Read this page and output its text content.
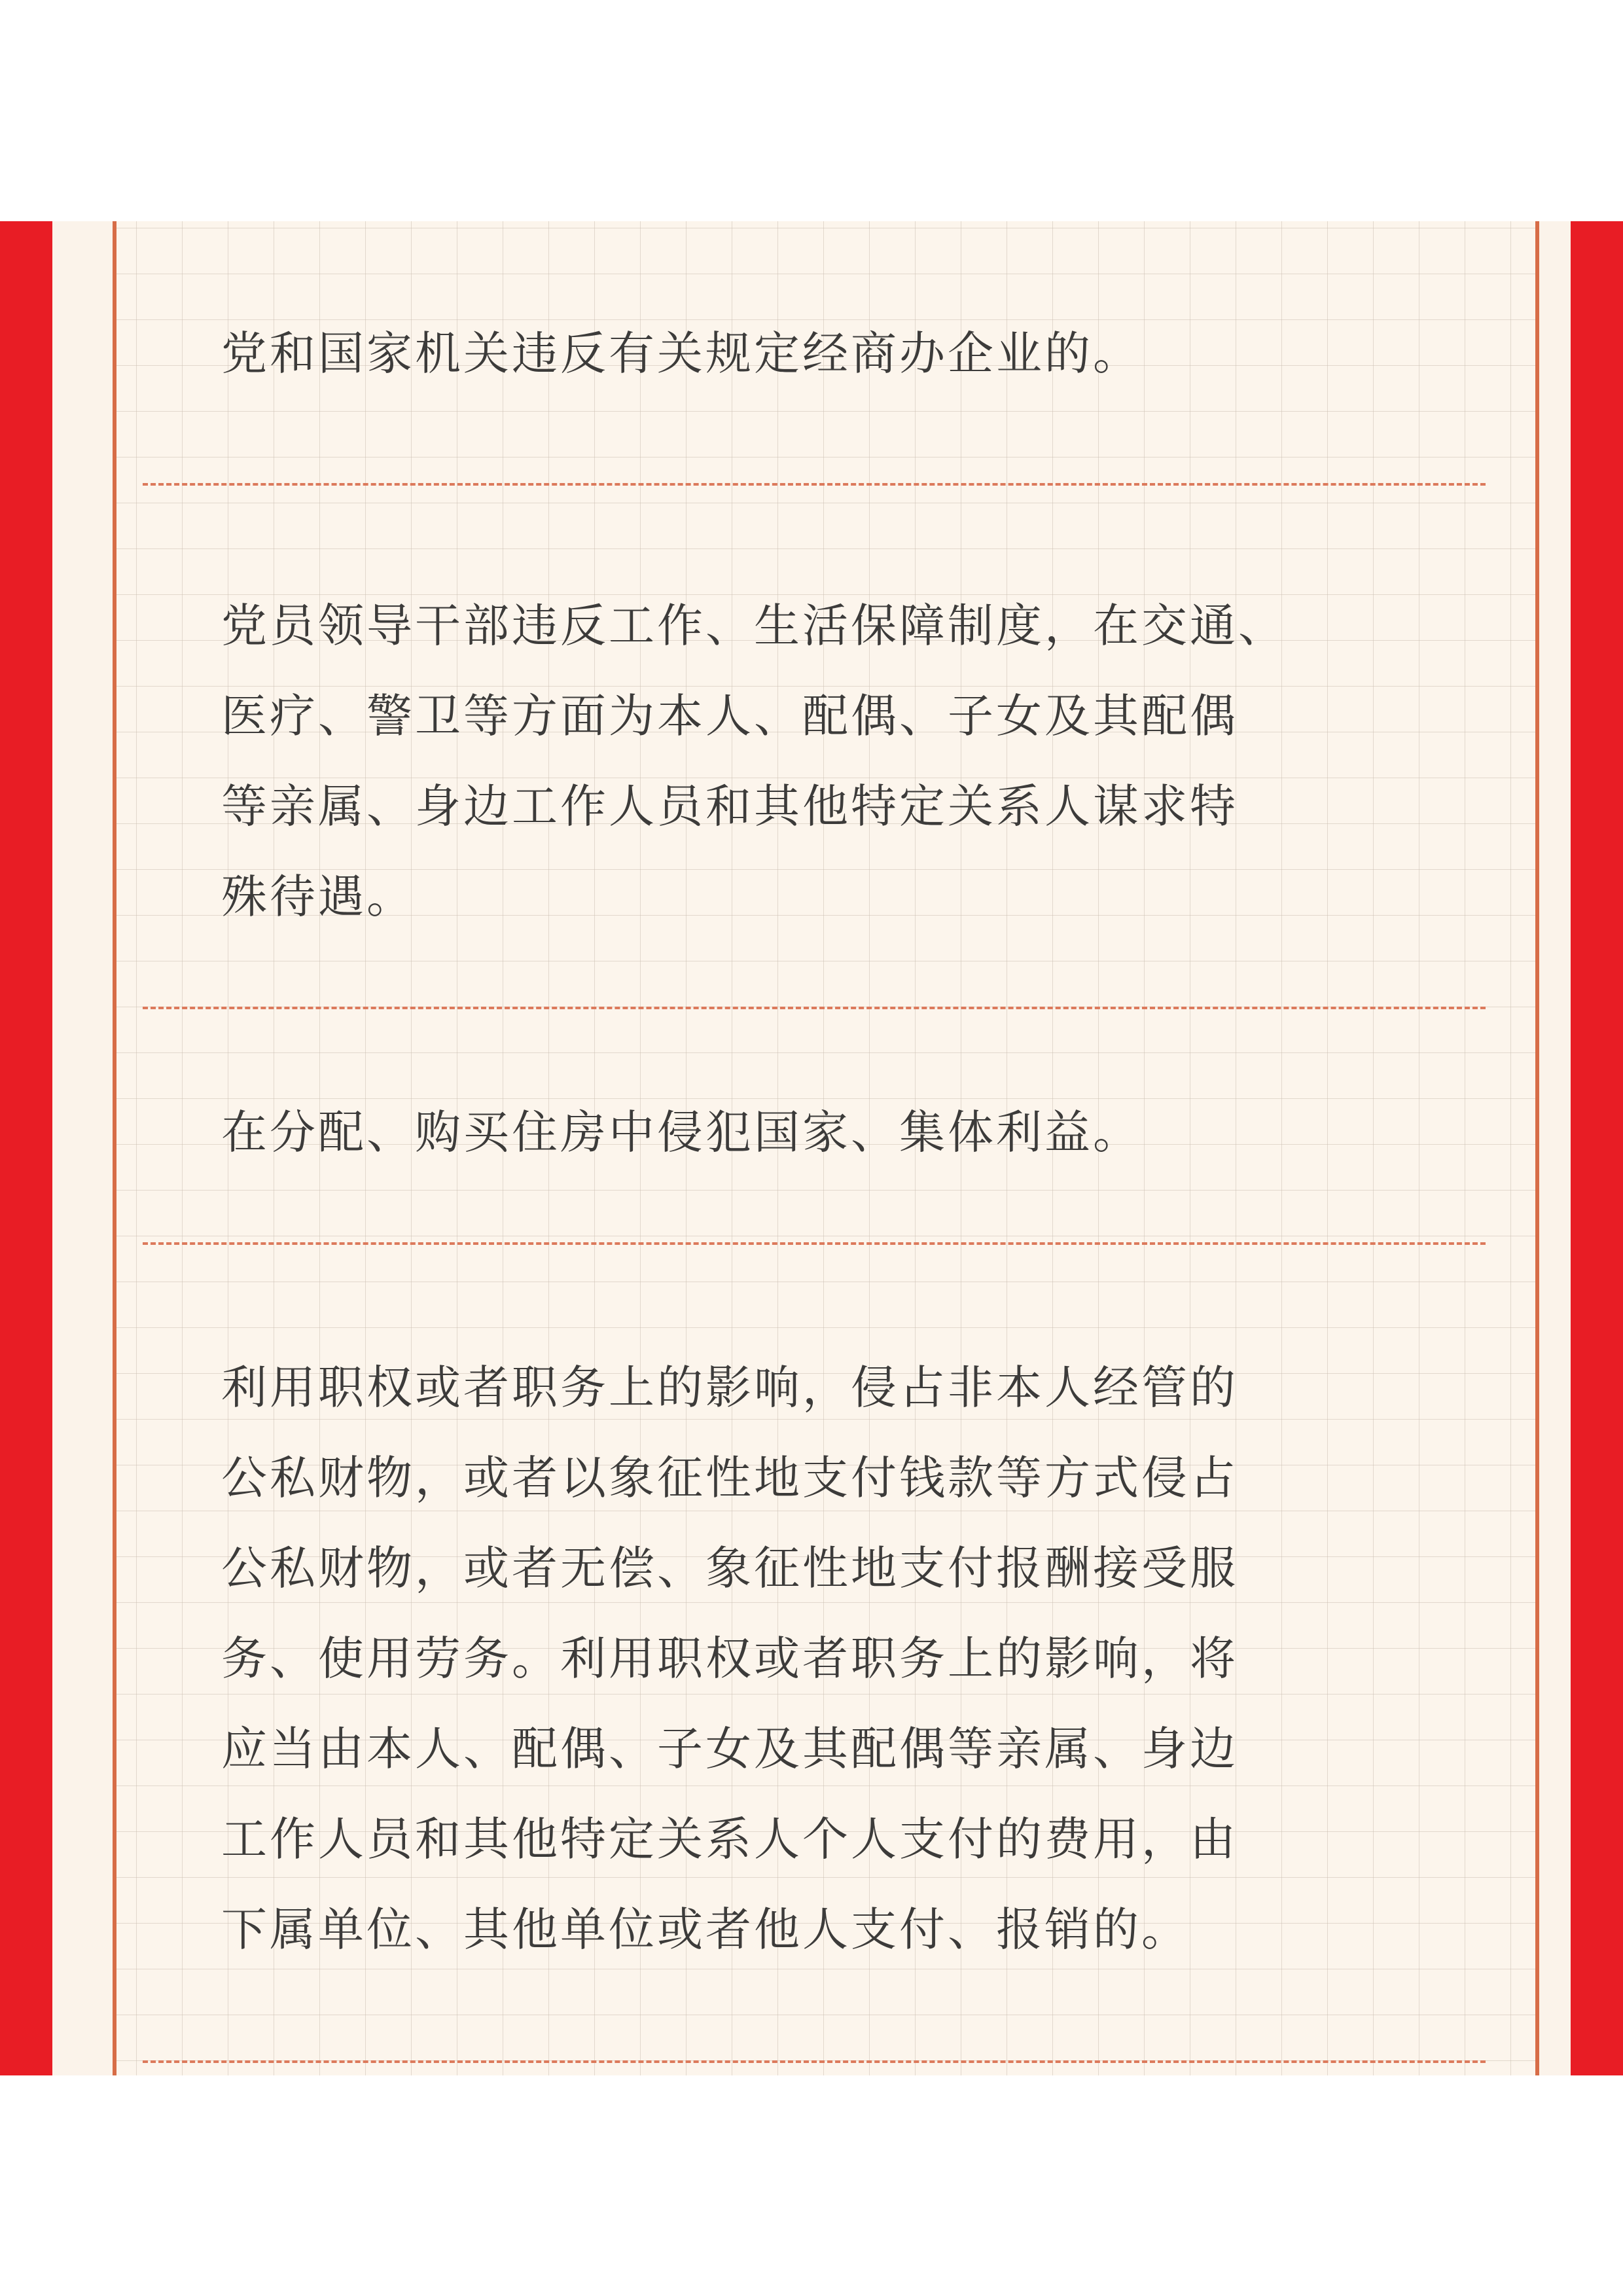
党和国家机关违反有关规定经商办企业的。

党员领导干部违反工作、生活保障制度，在交通、
医疗、警卫等方面为本人、配偶、子女及其配偶
等亲属、身边工作人员和其他特定关系人谋求特
殊待遇。

在分配、购买住房中侵犯国家、集体利益。

利用职权或者职务上的影响，侵占非本人经管的
公私财物，或者以象征性地支付钱款等方式侵占
公私财物，或者无偿、象征性地支付报酬接受服
务、使用劳务。利用职权或者职务上的影响，将
应当由本人、配偶、子女及其配偶等亲属、身边
工作人员和其他特定关系人个人支付的费用，由
下属单位、其他单位或者他人支付、报销的。
